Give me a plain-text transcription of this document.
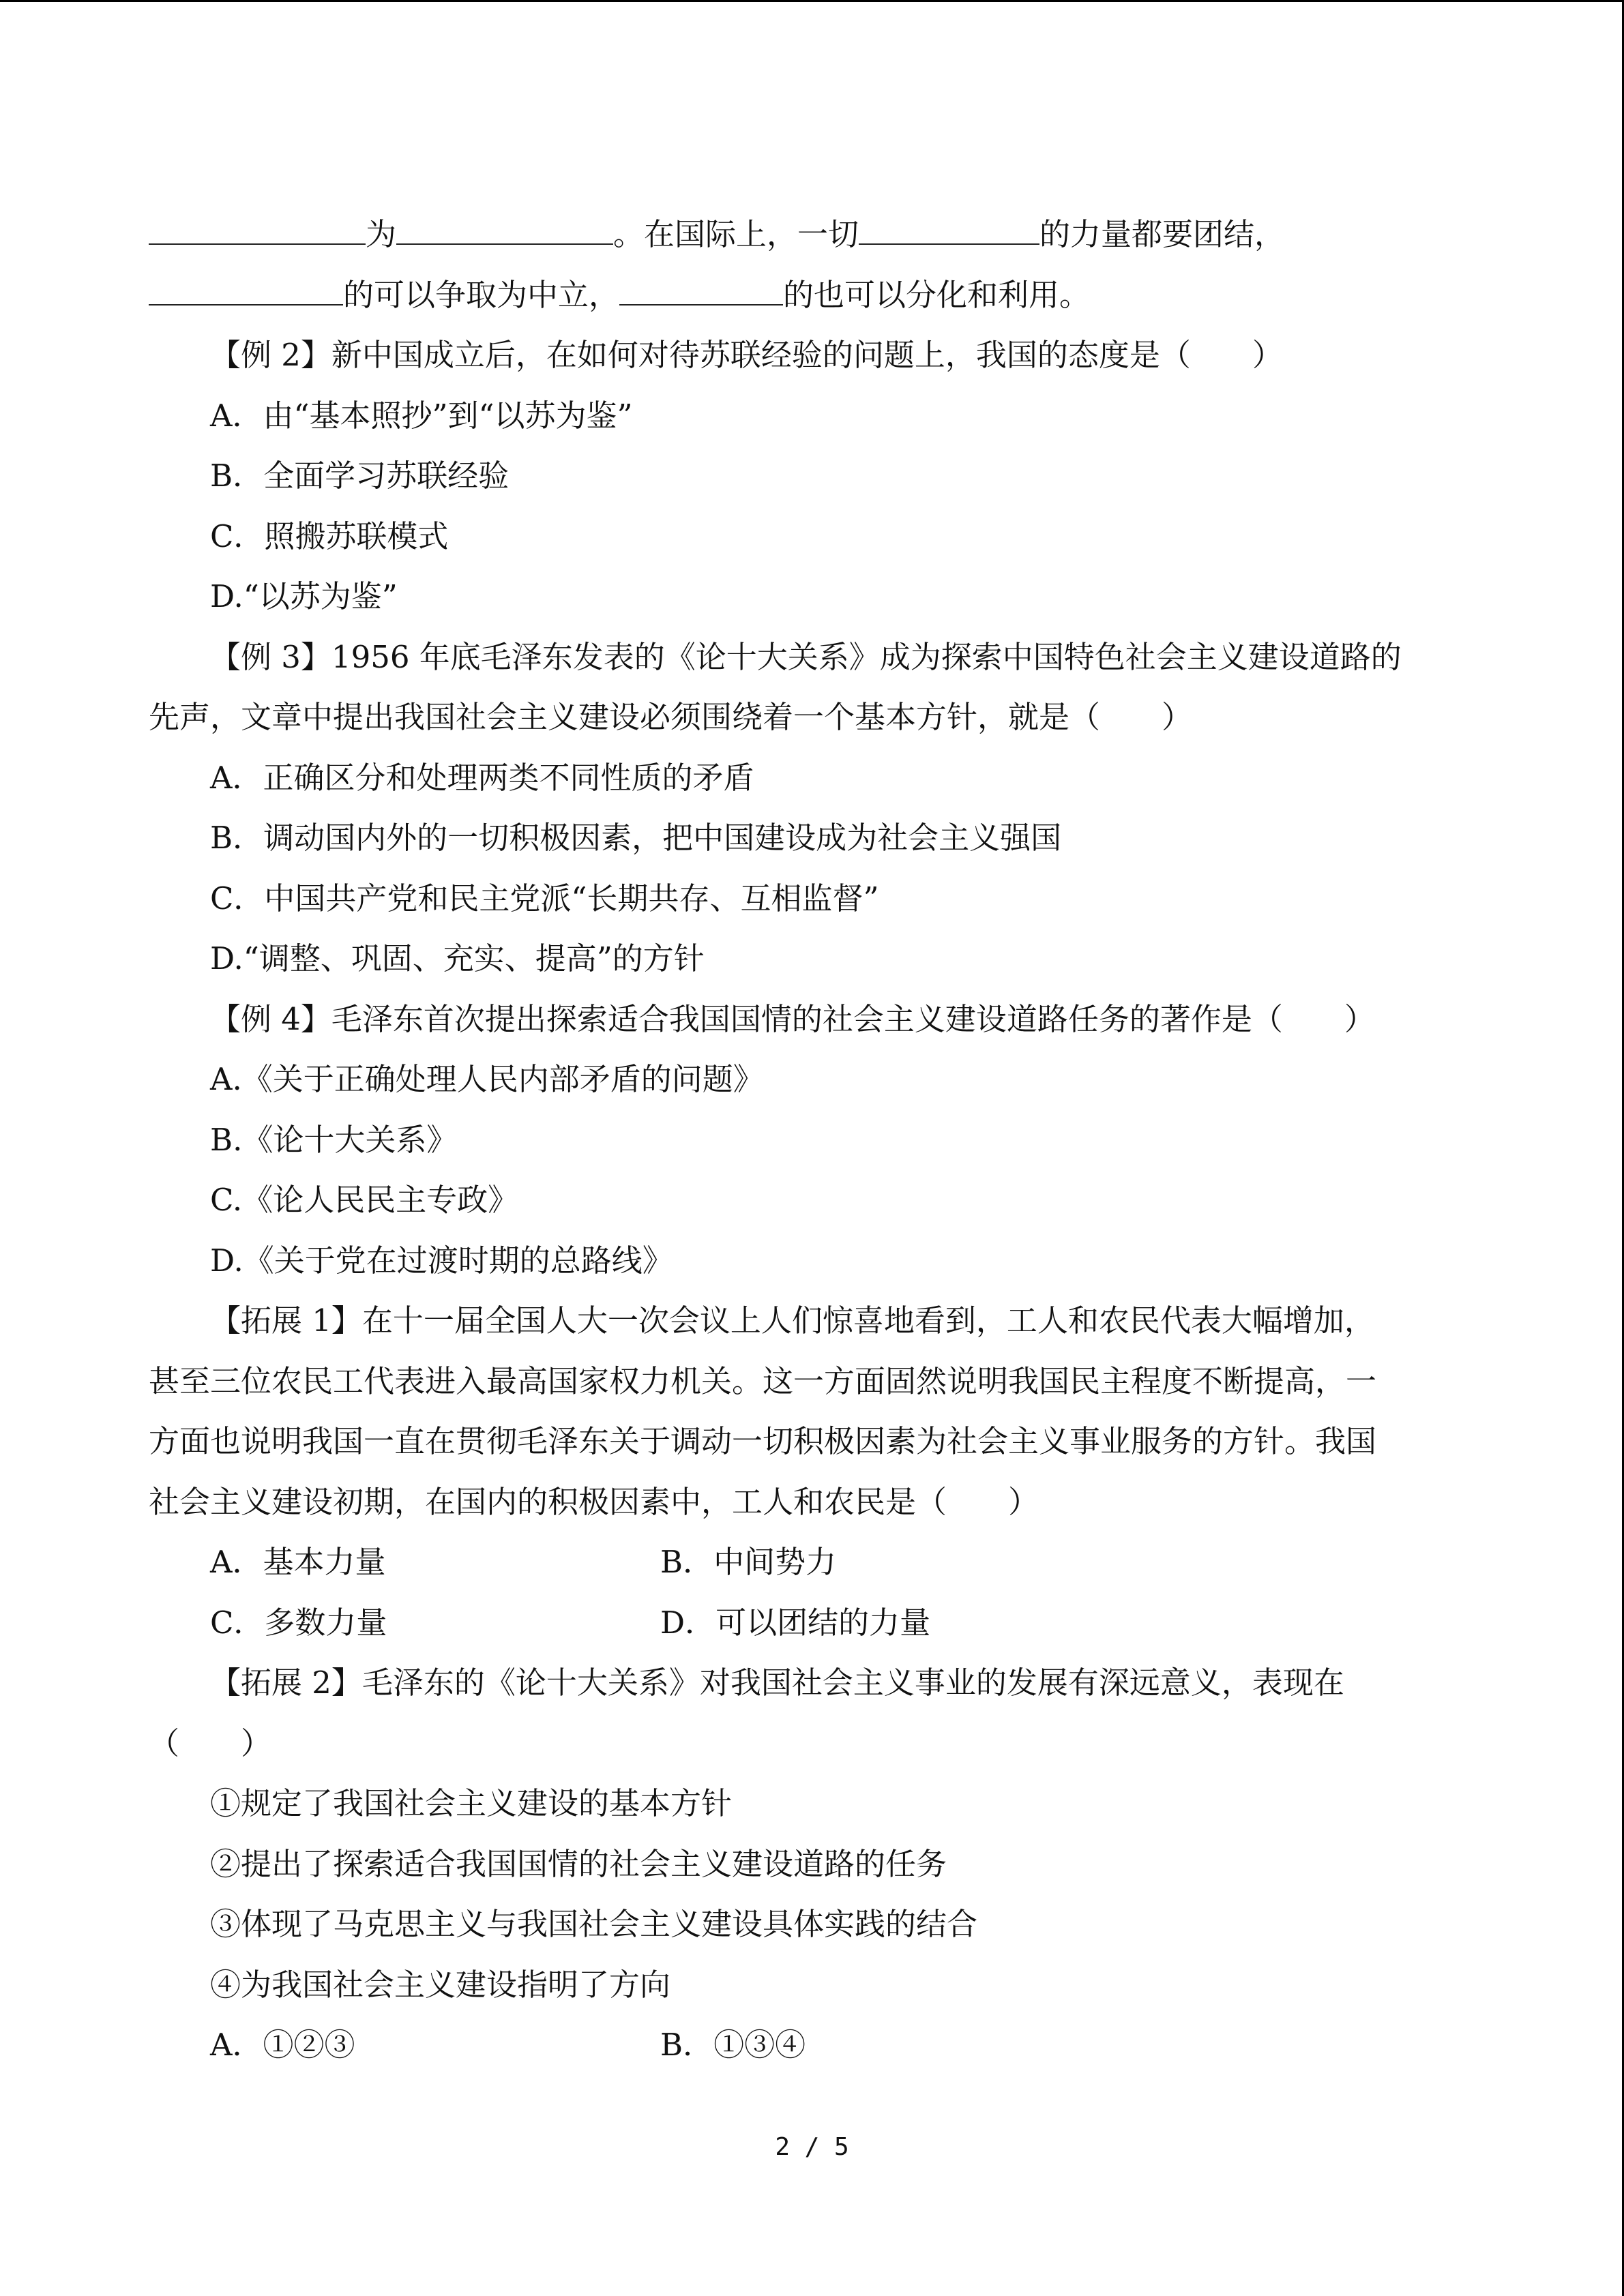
为	。在国际上，一切	的力量都要团结，
的可以争取为中立，	的也可以分化和利用。
【例 2】新中国成立后，在如何对待苏联经验的问题上，我国的态度是（　　）
A．由“基本照抄”到“以苏为鉴”
B．全面学习苏联经验
C．照搬苏联模式
D.“以苏为鉴”
【例 3】1956 年底毛泽东发表的《论十大关系》成为探索中国特色社会主义建设道路的
先声，文章中提出我国社会主义建设必须围绕着一个基本方针，就是（　　）
A．正确区分和处理两类不同性质的矛盾
B．调动国内外的一切积极因素，把中国建设成为社会主义强国
C．中国共产党和民主党派“长期共存、互相监督”
D.“调整、巩固、充实、提高”的方针
【例 4】毛泽东首次提出探索适合我国国情的社会主义建设道路任务的著作是（　　）
A.《关于正确处理人民内部矛盾的问题》
B.《论十大关系》
C.《论人民民主专政》
D.《关于党在过渡时期的总路线》
【拓展 1】在十一届全国人大一次会议上人们惊喜地看到，工人和农民代表大幅增加，
甚至三位农民工代表进入最高国家权力机关。这一方面固然说明我国民主程度不断提高，一
方面也说明我国一直在贯彻毛泽东关于调动一切积极因素为社会主义事业服务的方针。我国
社会主义建设初期，在国内的积极因素中，工人和农民是（　　）
A．基本力量	B．中间势力
C．多数力量	D．可以团结的力量
【拓展 2】毛泽东的《论十大关系》对我国社会主义事业的发展有深远意义，表现在
（　　）
①规定了我国社会主义建设的基本方针
②提出了探索适合我国国情的社会主义建设道路的任务
③体现了马克思主义与我国社会主义建设具体实践的结合
④为我国社会主义建设指明了方向
A．①②③	B．①③④
2 / 5
